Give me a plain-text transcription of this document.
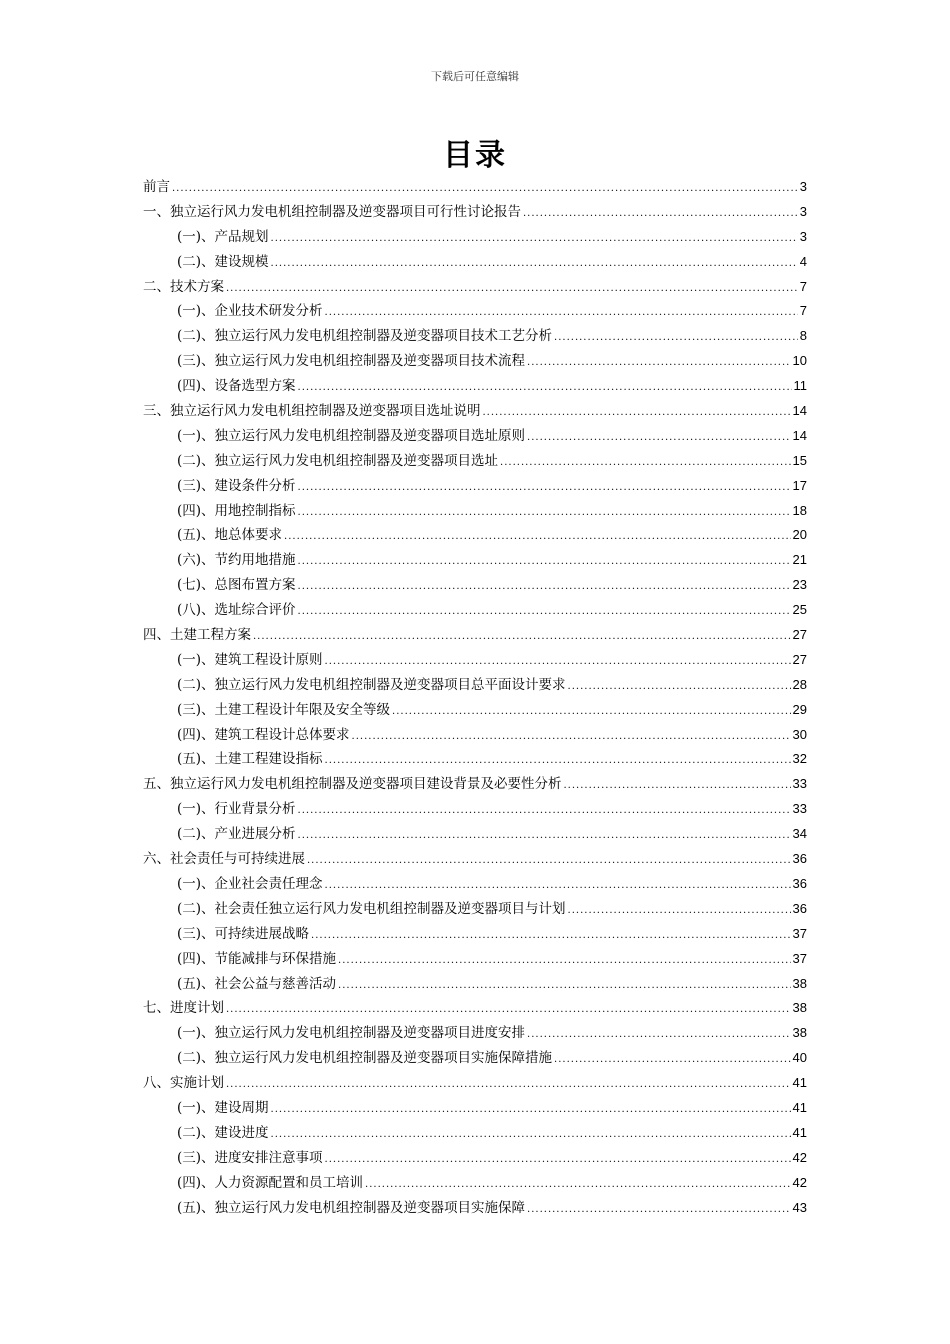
下载后可任意编辑
目录
前言 .....	3
一、独立运行风力发电机组控制器及逆变器项目可行性讨论报告 .....	3
(一)、产品规划 .....	3
(二)、建设规模 .....	4
二、技术方案 .....	7
(一)、企业技术研发分析 .....	7
(二)、独立运行风力发电机组控制器及逆变器项目技术工艺分析 .....	8
(三)、独立运行风力发电机组控制器及逆变器项目技术流程 .....	10
(四)、设备选型方案 .....	11
三、独立运行风力发电机组控制器及逆变器项目选址说明 .....	14
(一)、独立运行风力发电机组控制器及逆变器项目选址原则 .....	14
(二)、独立运行风力发电机组控制器及逆变器项目选址 .....	15
(三)、建设条件分析 .....	17
(四)、用地控制指标 .....	18
(五)、地总体要求 .....	20
(六)、节约用地措施 .....	21
(七)、总图布置方案 .....	23
(八)、选址综合评价 .....	25
四、土建工程方案 .....	27
(一)、建筑工程设计原则 .....	27
(二)、独立运行风力发电机组控制器及逆变器项目总平面设计要求 .....	28
(三)、土建工程设计年限及安全等级 .....	29
(四)、建筑工程设计总体要求 .....	30
(五)、土建工程建设指标 .....	32
五、独立运行风力发电机组控制器及逆变器项目建设背景及必要性分析 .....	33
(一)、行业背景分析 .....	33
(二)、产业进展分析 .....	34
六、社会责任与可持续进展 .....	36
(一)、企业社会责任理念 .....	36
(二)、社会责任独立运行风力发电机组控制器及逆变器项目与计划 .....	36
(三)、可持续进展战略 .....	37
(四)、节能减排与环保措施 .....	37
(五)、社会公益与慈善活动 .....	38
七、进度计划 .....	38
(一)、独立运行风力发电机组控制器及逆变器项目进度安排 .....	38
(二)、独立运行风力发电机组控制器及逆变器项目实施保障措施 .....	40
八、实施计划 .....	41
(一)、建设周期 .....	41
(二)、建设进度 .....	41
(三)、进度安排注意事项 .....	42
(四)、人力资源配置和员工培训 .....	42
(五)、独立运行风力发电机组控制器及逆变器项目实施保障 .....	43
